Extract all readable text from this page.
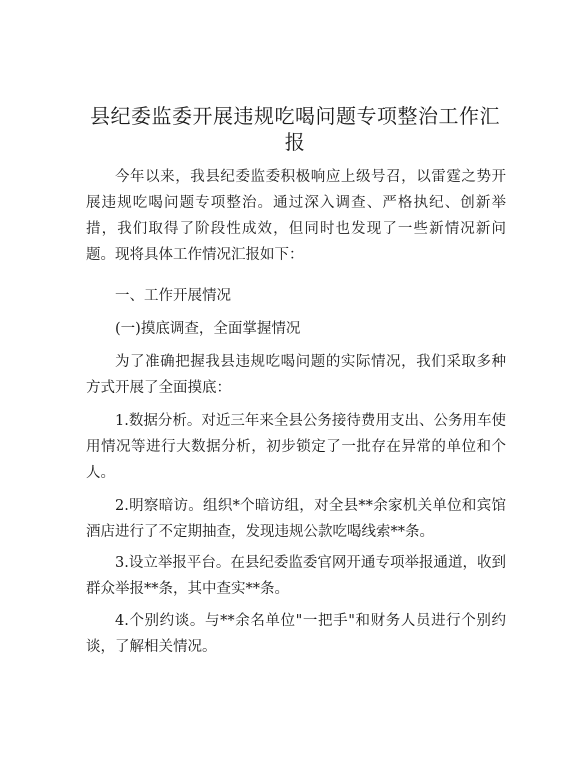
县纪委监委开展违规吃喝问题专项整治工作汇报
今年以来，我县纪委监委积极响应上级号召，以雷霆之势开展违规吃喝问题专项整治。通过深入调查、严格执纪、创新举措，我们取得了阶段性成效，但同时也发现了一些新情况新问题。现将具体工作情况汇报如下：
一、工作开展情况
(一)摸底调查，全面掌握情况
为了准确把握我县违规吃喝问题的实际情况，我们采取多种方式开展了全面摸底：
1.数据分析。对近三年来全县公务接待费用支出、公务用车使用情况等进行大数据分析，初步锁定了一批存在异常的单位和个人。
2.明察暗访。组织*个暗访组，对全县**余家机关单位和宾馆酒店进行了不定期抽查，发现违规公款吃喝线索**条。
3.设立举报平台。在县纪委监委官网开通专项举报通道，收到群众举报**条，其中查实**条。
4.个别约谈。与**余名单位"一把手"和财务人员进行个别约谈，了解相关情况。
